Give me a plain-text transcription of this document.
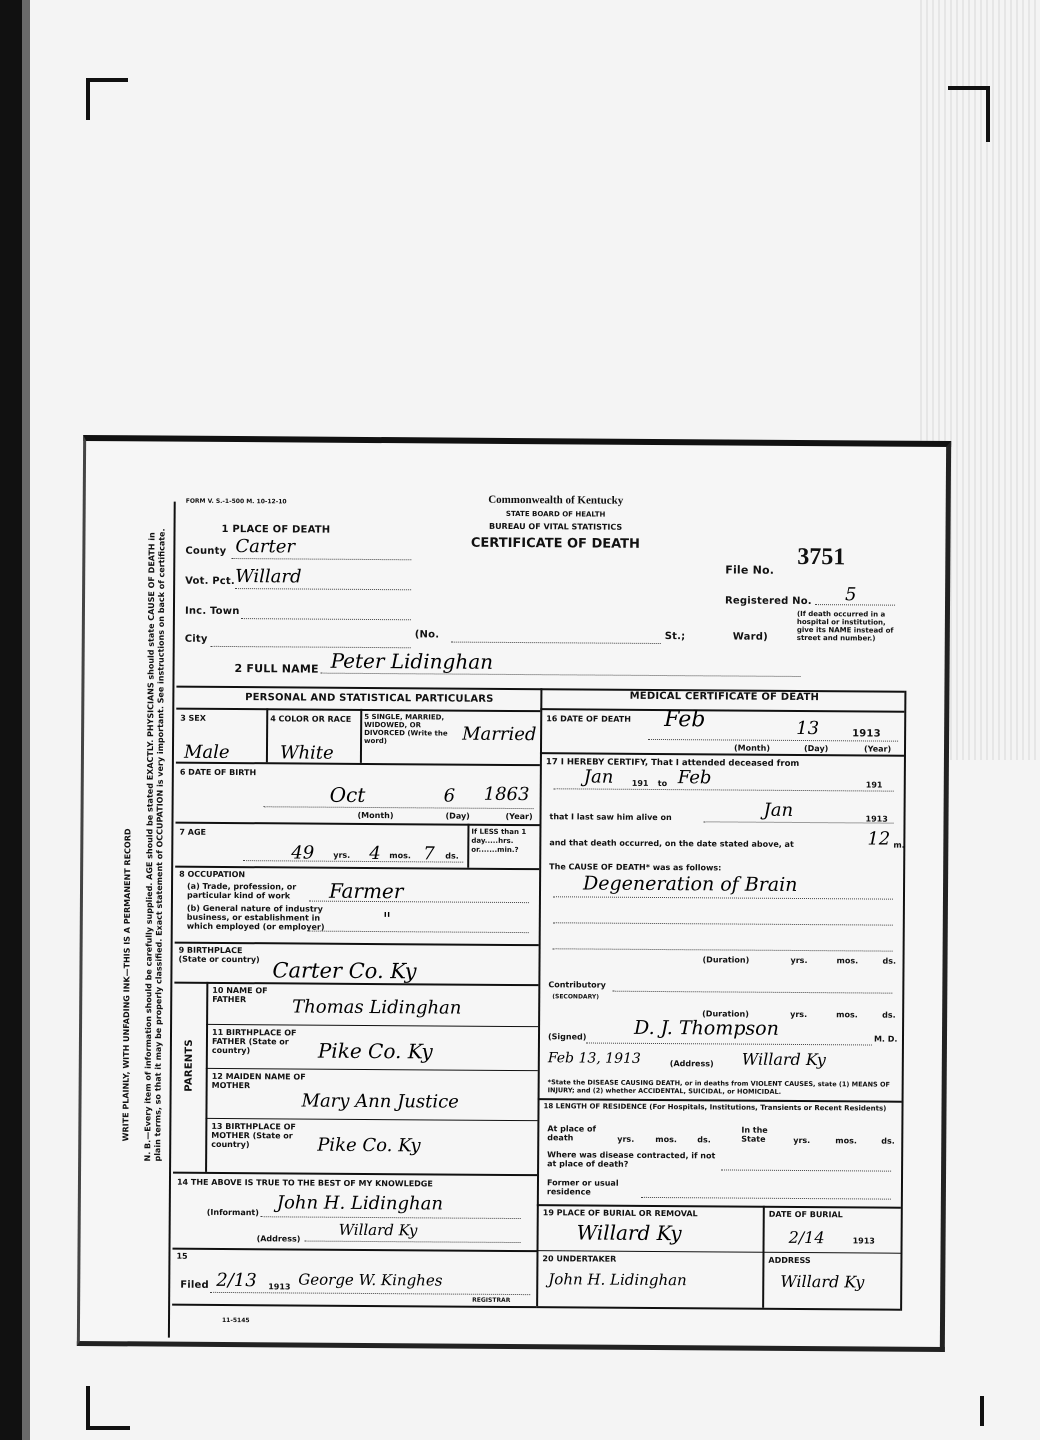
WRITE PLAINLY, WITH UNFADING INK—THIS IS A PERMANENT RECORD N. B.—Every item of information should be carefully supplied. AGE should be stated EXACTLY. PHYSICIANS should state CAUSE OF DEATH in plain terms, so that it may be properly classified. Exact statement of OCCUPATION is very important. See instructions on back of certificate.
FORM V. S.-1-500 M. 10-12-10	Commonwealth of Kentucky
STATE BOARD OF HEALTH
BUREAU OF VITAL STATISTICS
CERTIFICATE OF DEATH
1 PLACE OF DEATH
County Carter
Vot. Pct. Willard
Inc. Town
City	(No.	St.;	Ward)
File No. 3751
Registered No. 5
(If death occurred in a hospital or institution, give its NAME instead of street and number.)
2 FULL NAME Peter Lidinghan
PERSONAL AND STATISTICAL PARTICULARS
3 SEX
Male
4 COLOR OR RACE
White
5 SINGLE, MARRIED, WIDOWED, OR DIVORCED (Write the word)	Married
6 DATE OF BIRTH
Oct	6 1863
(Month)	(Day)	(Year)
7 AGE
49 yrs. 4 mos. 7 ds.
If LESS than 1 day.....hrs. or.......min.?
8 OCCUPATION
(a) Trade, profession, or particular kind of work	Farmer
(b) General nature of industry business, or establishment in which employed (or employer)	"
9 BIRTHPLACE (State or country) Carter Co. Ky
PARENTS
10 NAME OF FATHER	Thomas Lidinghan
11 BIRTHPLACE OF FATHER (State or country)	Pike Co. Ky
12 MAIDEN NAME OF MOTHER
Mary Ann Justice
13 BIRTHPLACE OF MOTHER (State or country)	Pike Co. Ky
14 THE ABOVE IS TRUE TO THE BEST OF MY KNOWLEDGE
(Informant) John H. Lidinghan
(Address)	Willard Ky
15
Filed 2/13 1913 George W. Kinghes
REGISTRAR
11-5145
MEDICAL CERTIFICATE OF DEATH
16 DATE OF DEATH Feb	13	1913
(Month)	(Day)	(Year)
17 I HEREBY CERTIFY, That I attended deceased from
Jan 191 to Feb	191
that I last saw him alive on	Jan	1913
and that death occurred, on the date stated above, at	12 m.
The CAUSE OF DEATH* was as follows:
Degeneration of Brain
(Duration)	yrs.	mos.	ds.
Contributory
(SECONDARY)
(Duration)	yrs.	mos.	ds.
(Signed)	D. J. Thompson	M. D.
Feb 13, 1913	(Address) Willard Ky
*State the DISEASE CAUSING DEATH, or in deaths from VIOLENT CAUSES, state (1) MEANS OF INJURY; and (2) whether ACCIDENTAL, SUICIDAL, or HOMICIDAL.
18 LENGTH OF RESIDENCE (For Hospitals, Institutions, Transients or Recent Residents)
At place of death	yrs.	mos.	ds.
In the State	yrs.	mos.	ds.
Where was disease contracted, if not at place of death?
Former or usual residence
19 PLACE OF BURIAL OR REMOVAL	DATE OF BURIAL
Willard Ky	2/14	1913
20 UNDERTAKER	ADDRESS
John H. Lidinghan	Willard Ky
